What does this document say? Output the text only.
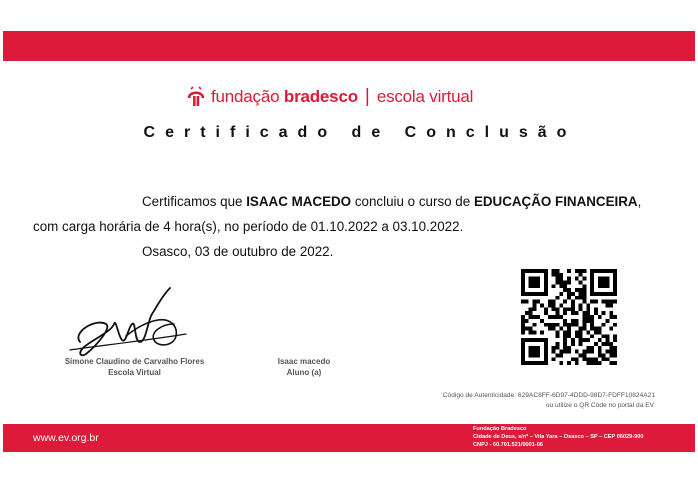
fundação bradesco | escola virtual
Certificado de Conclusão
Certificamos que ISAAC MACEDO concluiu o curso de EDUCAÇÃO FINANCEIRA,
com carga horária de 4 hora(s), no período de 01.10.2022 a 03.10.2022.
Osasco, 03 de outubro de 2022.
Simone Claudino de Carvalho Flores
Escola Virtual
Isaac macedo
Aluno (a)
Código de Autenticidade: 629AC8FF-6D97-4DDD-98D7-FDFF10824A21
ou utilize o QR Code no portal da EV
www.ev.org.br
Fundação Bradesco
Cidade de Deus, s/nº – Vila Yara – Osasco – SP – CEP 06029-900
CNPJ - 60.701.521/0001-06
